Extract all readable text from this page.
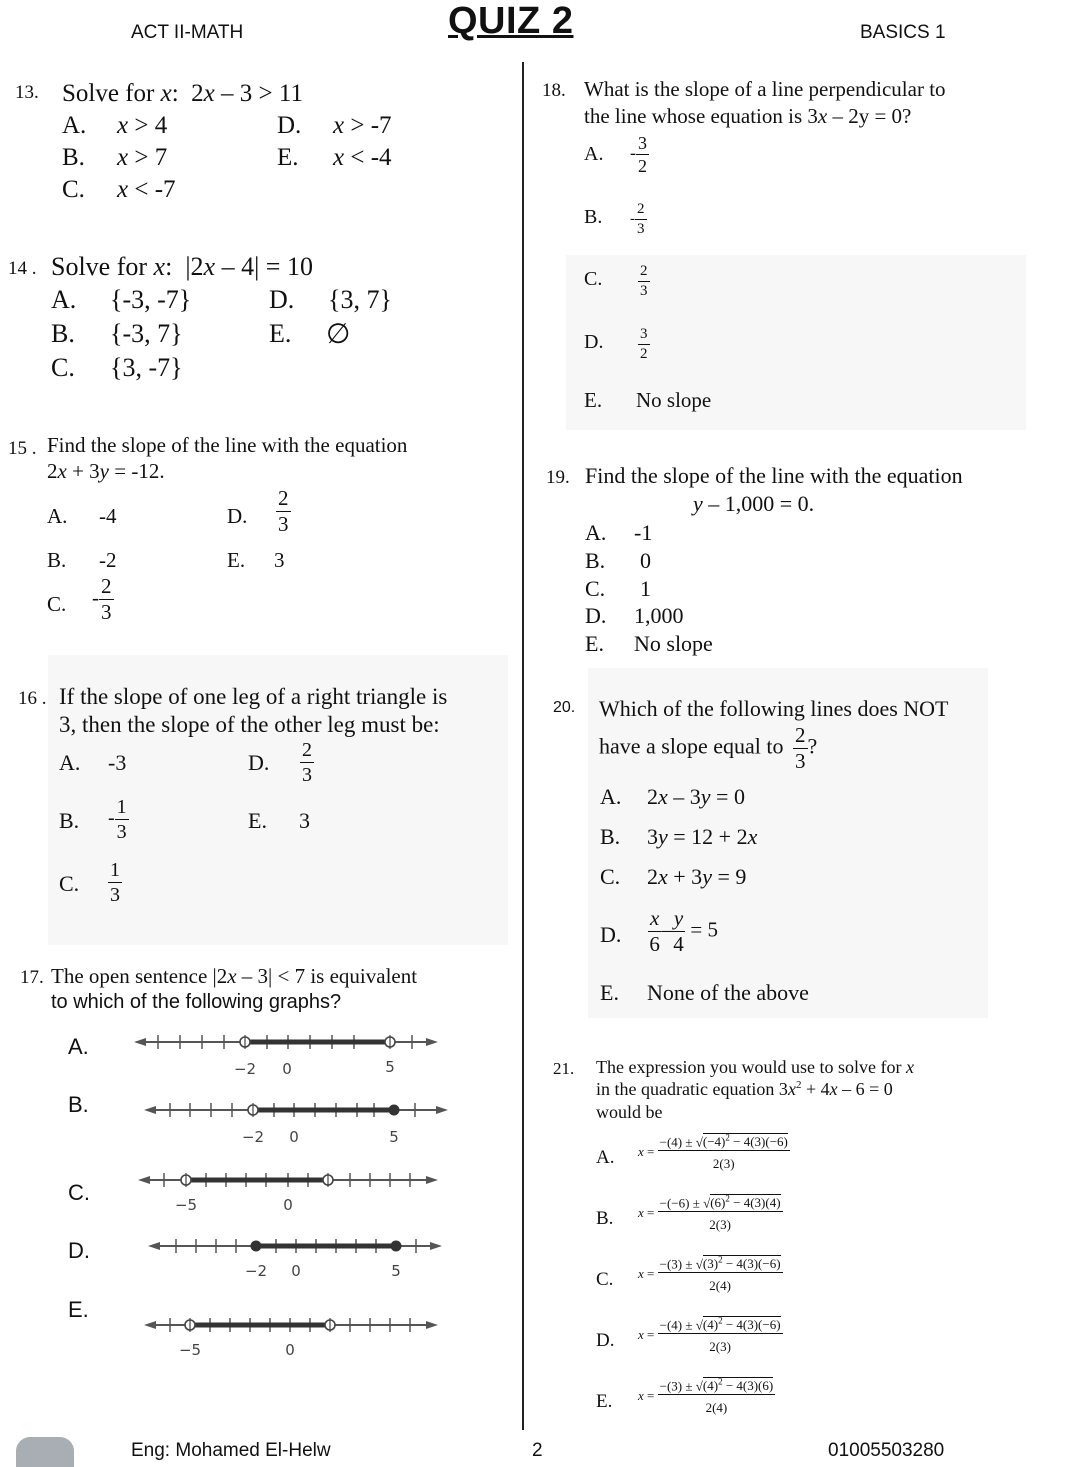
ACT II-MATH	QUIZ 2	BASICS 1
13. Solve for x:  2x – 3 > 11
A. x > 4
B. x > 7
C. x < -7
D. x > -7
E. x < -4
14 . Solve for x:  |2x – 4| = 10
A. {-3, -7}
B. {-3, 7}
C. {3, -7}
D. {3, 7}
E. ∅
15 . Find the slope of the line with the equation
2x + 3y = -12.
A. -4
B. -2
C. - $\frac{2}{3}$
D. $\frac{2}{3}$
E. 3
16 . If the slope of one leg of a right triangle is
3, then the slope of the other leg must be:
A. -3
B. - $\frac{1}{3}$
C. $\frac{1}{3}$
D. $\frac{2}{3}$
E. 3
17. The open sentence |2x – 3| < 7 is equivalent
to which of the following graphs?
A.
B.
C.
D.
E.
−2 0	5
−2 0	5
−5	0
−2 0	5
−5	0
18. What is the slope of a line perpendicular to
the line whose equation is 3x – 2y = 0?
A. - $\frac{3}{2}$
B. - $\frac{2}{3}$
C. $\frac{2}{3}$
D. $\frac{3}{2}$
E. No slope
19. Find the slope of the line with the equation
y – 1,000 = 0.
A. -1
B. 0
C. 1
D. 1,000
E. No slope
20. Which of the following lines does NOT
have a slope equal to $\frac{2}{3}$ ?
A. 2x – 3y = 0
B. 3y = 12 + 2x
C. 2x + 3y = 9
D. $\frac{x}{6} - \frac{y}{4} = 5$
E. None of the above
21. The expression you would use to solve for x
in the quadratic equation $3x^2 + 4x - 6 = 0$
would be
A. $x = \frac{-(4) \pm √(-4)^2 - 4(3)(-6)}{2(3)}$
B. $x = \frac{-(-6) \pm √(6)^2 - 4(3)(4)}{2(3)}$
C. $x = \frac{-(3) \pm √(3)^2 - 4(3)(-6)}{2(4)}$
D. $x = \frac{-(4) \pm √(4)^2 - 4(3)(-6)}{2(3)}$
E. $x = \frac{-(3) \pm √(4)^2 - 4(3)(6)}{2(4)}$
Eng: Mohamed El-Helw	2	01005503280
